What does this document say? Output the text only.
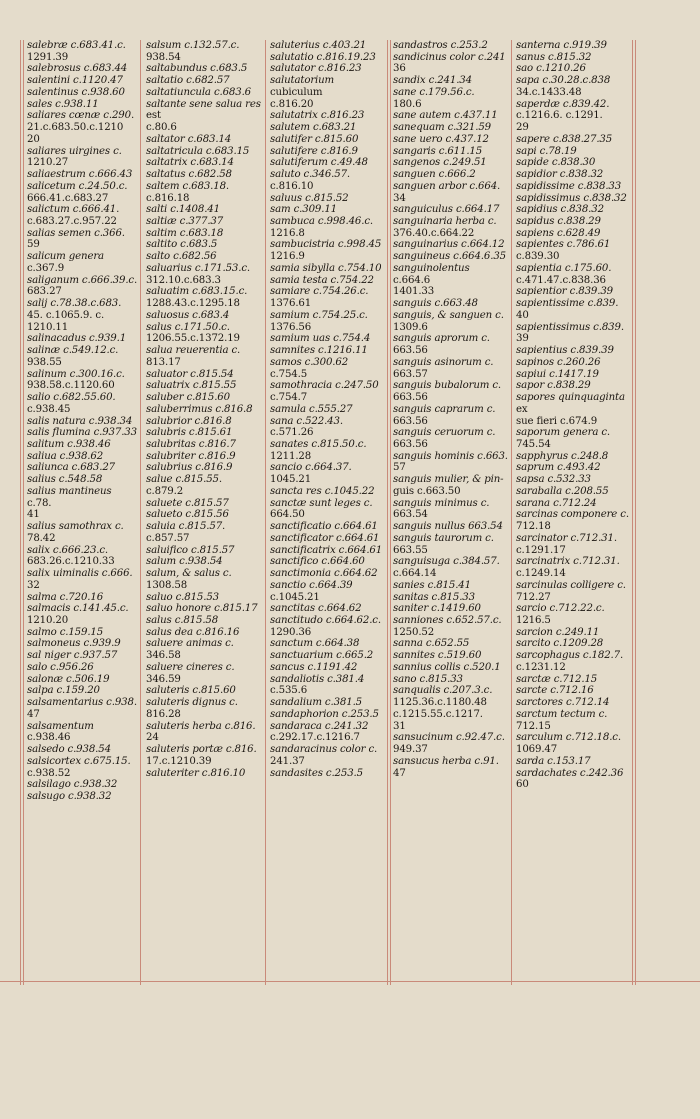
salebræ c.683.41.c.
1291.39
salebrosus c.683.44
salentini c.1120.47
salentinus c.938.60
sales c.938.11
saliares cœnæ c.290.
21.c.683.50.c.1210
20
saliares uirgines c.
1210.27
saliaestrum c.666.43
salicetum c.24.50.c.
666.41.c.683.27
salictum c.666.41.
c.683.27.c.957.22
salias semen c.366.
59
salicum genera c.367.9
saliganum c.666.39.c.
683.27
salij c.78.38.c.683.
45. c.1065.9. c.
1210.11
salinacadus c.939.1
salinæ c.549.12.c.
938.55
salinum c.300.16.c.
938.58.c.1120.60
salio c.682.55.60.
c.938.45
salis natura c.938.34
salis flumina c.937.33
salitum c.938.46
saliua c.938.62
saliunca c.683.27
salius c.548.58
salius mantineus c.78.
41
salius samothrax c.
78.42
salix c.666.23.c.
683.26.c.1210.33
salix uiminalis c.666.
32
salma c.720.16
salmacis c.141.45.c.
1210.20
salmo c.159.15
salmoneus c.939.9
sal niger c.937.57
salo c.956.26
salonæ c.506.19
salpa c.159.20
salsamentarius c.938.
47
salsamentum c.938.46
salsedo c.938.54
salsicortex c.675.15.
c.938.52
salsilago c.938.32
salsugo c.938.32
salsum c.132.57.c.
938.54
saltabundus c.683.5
saltatio c.682.57
saltatiuncula c.683.6
saltante sene salua res est
c.80.6
saltator c.683.14
saltatricula c.683.15
saltatrix c.683.14
saltatus c.682.58
saltem c.683.18.
c.816.18
salti c.1408.41
saltiæ c.377.37
saltim c.683.18
saltito c.683.5
salto c.682.56
saluarius c.171.53.c.
312.10.c.683.3
saluatim c.683.15.c.
1288.43.c.1295.18
saluosus c.683.4
salus c.171.50.c.
1206.55.c.1372.19
salua reuerentia c.
813.17
saluator c.815.54
saluatrix c.815.55
saluber c.815.60
saluberrimus c.816.8
salubrior c.816.8
salubris c.815.61
salubritas c.816.7
salubriter c.816.9
salubrius c.816.9
salue c.815.55.
c.879.2
saluete c.815.57
salueto c.815.56
saluia c.815.57.
c.857.57
saluifico c.815.57
salum c.938.54
salum, & salus c.
1308.58
saluo c.815.53
saluo honore c.815.17
salus c.815.58
salus dea c.816.16
saluere animas c.
346.58
saluere cineres c.
346.59
saluteris c.815.60
saluteris dignus c.
816.28
saluteris herba c.816.
24
saluteris portæ c.816.
17.c.1210.39
saluteriter c.816.10
saluterius c.403.21
salutatio c.816.19.23
salutator c.816.23
salutatorium cubiculum
c.816.20
salutatrix c.816.23
salutem c.683.21
salutifer c.815.60
salutifere c.816.9
salutiferum c.49.48
saluto c.346.57.
c.816.10
saluus c.815.52
sam c.309.11
sambuca c.998.46.c.
1216.8
sambucistria c.998.45
1216.9
samia sibylla c.754.10
samia testa c.754.22
samiare c.754.26.c.
1376.61
samium c.754.25.c.
1376.56
samium uas c.754.4
samnites c.1216.11
samos c.300.62
c.754.5
samothracia c.247.50
c.754.7
samula c.555.27
sana c.522.43.
c.571.26
sanates c.815.50.c.
1211.28
sancio c.664.37.
1045.21
sancta res c.1045.22
sanctæ sunt leges c.
664.50
sanctificatio c.664.61
sanctificator c.664.61
sanctificatrix c.664.61
sanctifico c.664.60
sanctimonia c.664.62
sanctio c.664.39
c.1045.21
sanctitas c.664.62
sanctitudo c.664.62.c.
1290.36
sanctum c.664.38
sanctuarium c.665.2
sancus c.1191.42
sandaliotis c.381.4
c.535.6
sandalium c.381.5
sandaphorion c.253.5
sandaraca c.241.32
c.292.17.c.1216.7
sandaracinus color c.
241.37
sandasites c.253.5
sandastros c.253.2
sandicinus color c.241
36
sandix c.241.34
sane c.179.56.c.
180.6
sane autem c.437.11
sanequam c.321.59
sane uero c.437.12
sangaris c.611.15
sangenos c.249.51
sanguen c.666.2
sanguen arbor c.664.
34
sanguiculus c.664.17
sanguinaria herba c.
376.40.c.664.22
sanguinarius c.664.12
sanguineus c.664.6.35
sanguinolentus c.664.6
1401.33
sanguis c.663.48
sanguis, & sanguen c.
1309.6
sanguis aprorum c.
663.56
sanguis asinorum c.
663.57
sanguis bubalorum c.
663.56
sanguis caprarum c.
663.56
sanguis ceruorum c.
663.56
sanguis hominis c.663.
57
sanguis mulier, & pin-
guis c.663.50
sanguis minimus c.
663.54
sanguis nullus 663.54
sanguis taurorum c.
663.55
sanguisuga c.384.57.
c.664.14
sanies c.815.41
sanitas c.815.33
saniter c.1419.60
sanniones c.652.57.c.
1250.52
sanna c.652.55
sannites c.519.60
sannius collis c.520.1
sano c.815.33
sanqualis c.207.3.c.
1125.36.c.1180.48
c.1215.55.c.1217.
31
sansucinum c.92.47.c.
949.37
sansucus herba c.91.
47
santerna c.919.39
sanus c.815.32
sao c.1210.26
sapa c.30.28.c.838
34.c.1433.48
saperdæ c.839.42.
c.1216.6. c.1291.
29
sapere c.838.27.35
sapi c.78.19
sapide c.838.30
sapidior c.838.32
sapidissime c.838.33
sapidissimus c.838.32
sapidius c.838.32
sapidus c.838.29
sapiens c.628.49
sapientes c.786.61
c.839.30
sapientia c.175.60.
c.471.47.c.838.36
sapientior c.839.39
sapientissime c.839.
40
sapientissimus c.839.
39
sapientius c.839.39
sapinos c.260.26
sapiui c.1417.19
sapor c.838.29
sapores quinquaginta ex
sue fieri c.674.9
saporum genera c.
745.54
sapphyrus c.248.8
saprum c.493.42
sapsa c.532.33
saraballa c.208.55
sarana c.712.24
sarcinas componere c.
712.18
sarcinator c.712.31.
c.1291.17
sarcinatrix c.712.31.
c.1249.14
sarcinulas colligere c.
712.27
sarcio c.712.22.c.
1216.5
sarcion c.249.11
sarcito c.1209.28
sarcophagus c.182.7.
c.1231.12
sarctæ c.712.15
sarcte c.712.16
sarctores c.712.14
sarctum tectum c.
712.15
sarculum c.712.18.c.
1069.47
sarda c.153.17
sardachates c.242.36
60
